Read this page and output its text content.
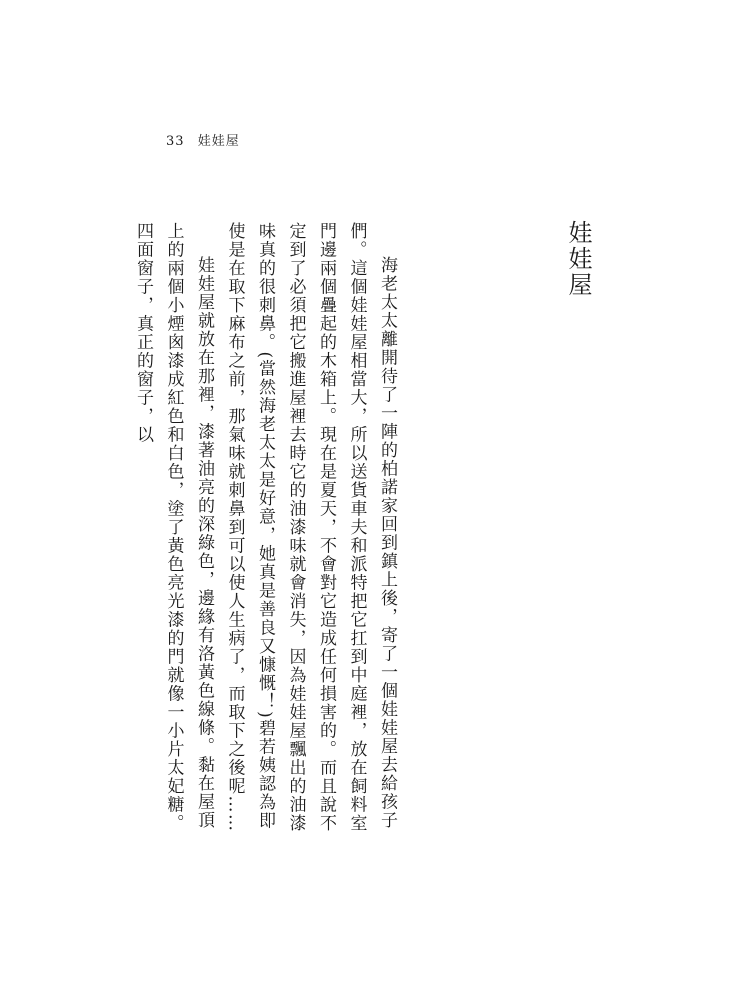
33 娃娃屋
娃娃屋

海老太太離開待了一陣的柏諾家回到鎮上後，寄了一個娃娃屋去給孩子們。這個娃娃屋相當大，所以送貨車夫和派特把它扛到中庭裡，放在飼料室門邊兩個疊起的木箱上。現在是夏天，不會對它造成任何損害的。而且說不定到了必須把它搬進屋裡去時它的油漆味就會消失，因為娃娃屋飄出的油漆味真的很刺鼻。(當然海老太太是好意，她真是善良又慷慨！)碧若姨認為即使是在取下麻布之前，那氣味就刺鼻到可以使人生病了，而取下之後呢……

娃娃屋就放在那裡，漆著油亮的深綠色，邊緣有洛黃色線條。黏在屋頂上的兩個小煙囪漆成紅色和白色，塗了黃色亮光漆的門就像一小片太妃糖。四面窗子，真正的窗子，以
